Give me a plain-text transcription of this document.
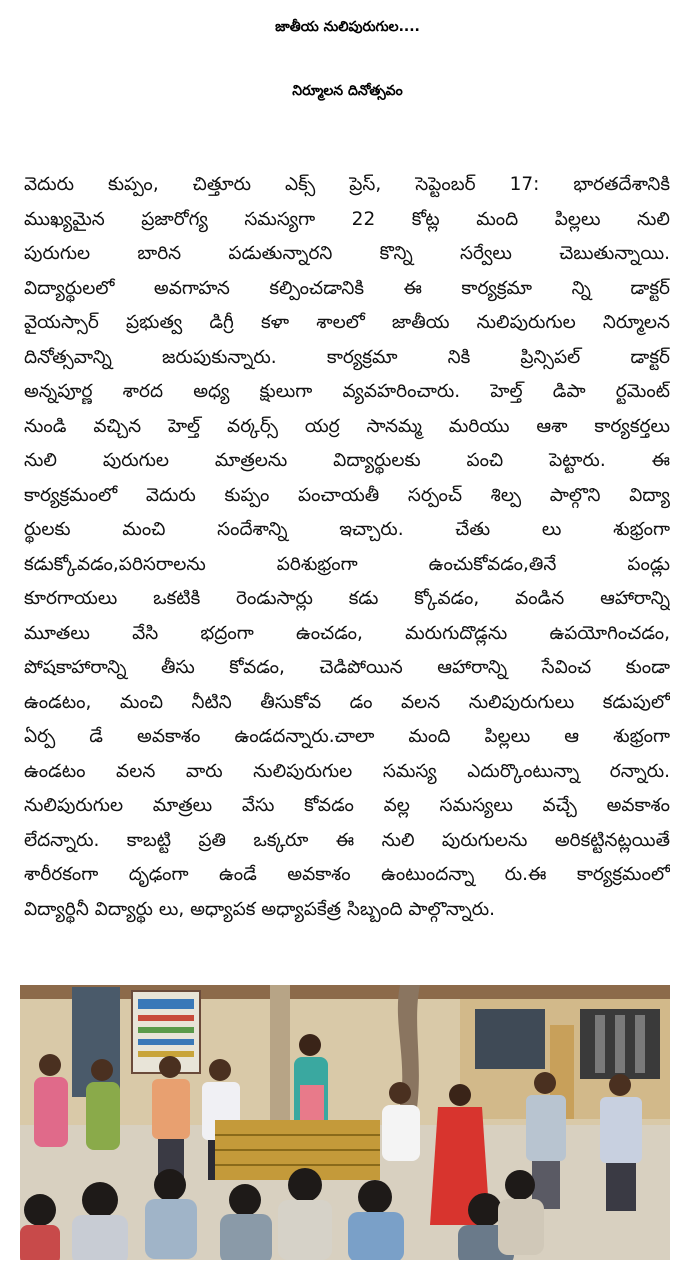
జాతీయ నులిపురుగుల....
నిర్మూలన దినోత్సవం
వెదురు కుప్పం, చిత్తూరు ఎక్స్ ప్రెస్, సెప్టెంబర్ 17: భారతదేశానికి
ముఖ్యమైన ప్రజారోగ్య సమస్యగా 22 కోట్ల మంది పిల్లలు నులి
పురుగుల బారిన పడుతున్నారని కొన్ని సర్వేలు చెబుతున్నాయి.
విద్యార్థులలో అవగాహన కల్పించడానికి ఈ కార్యక్రమా న్ని డాక్టర్
వైయస్సార్ ప్రభుత్వ డిగ్రీ కళా శాలలో జాతీయ నులిపురుగుల నిర్మూలన
దినోత్సవాన్ని జరుపుకున్నారు. కార్యక్రమా నికి ప్రిన్సిపల్ డాక్టర్
అన్నపూర్ణ శారద అధ్య క్షులుగా వ్యవహరించారు. హెల్త్ డిపా ర్టమెంట్
నుండి వచ్చిన హెల్త్ వర్కర్స్ యర్ర సానమ్మ మరియు ఆశా కార్యకర్తలు
నులి పురుగుల మాత్రలను విద్యార్థులకు పంచి పెట్టారు. ఈ
కార్యక్రమంలో వెదురు కుప్పం పంచాయతీ సర్పంచ్ శిల్ప పాల్గొని విద్యా
ర్థులకు మంచి సందేశాన్ని ఇచ్చారు. చేతు లు శుభ్రంగా
కడుక్కోవడం,పరిసరాలను పరిశుభ్రంగా ఉంచుకోవడం,తినే పండ్లు
కూరగాయలు ఒకటికి రెండుసార్లు కడు క్కోవడం, వండిన ఆహారాన్ని
మూతలు వేసి భద్రంగా ఉంచడం, మరుగుదొడ్లను ఉపయోగించడం,
పోషకాహారాన్ని తీసు కోవడం, చెడిపోయిన ఆహారాన్ని సేవించ కుండా
ఉండటం, మంచి నీటిని తీసుకోవ డం వలన నులిపురుగులు కడుపులో
ఏర్ప డే అవకాశం ఉండదన్నారు.చాలా మంది పిల్లలు ఆ శుభ్రంగా
ఉండటం వలన వారు నులిపురుగుల సమస్య ఎదుర్కొంటున్నా రన్నారు.
నులిపురుగుల మాత్రలు వేసు కోవడం వల్ల సమస్యలు వచ్చే అవకాశం
లేదన్నారు. కాబట్టి ప్రతి ఒక్కరూ ఈ నులి పురుగులను అరికట్టినట్లయితే
శారీరకంగా దృఢంగా ఉండే అవకాశం ఉంటుందన్నా రు.ఈ కార్యక్రమంలో
విద్యార్థినీ విద్యార్థు లు, అధ్యాపక అధ్యాపకేత్ర సిబ్బంది పాల్గొన్నారు.
